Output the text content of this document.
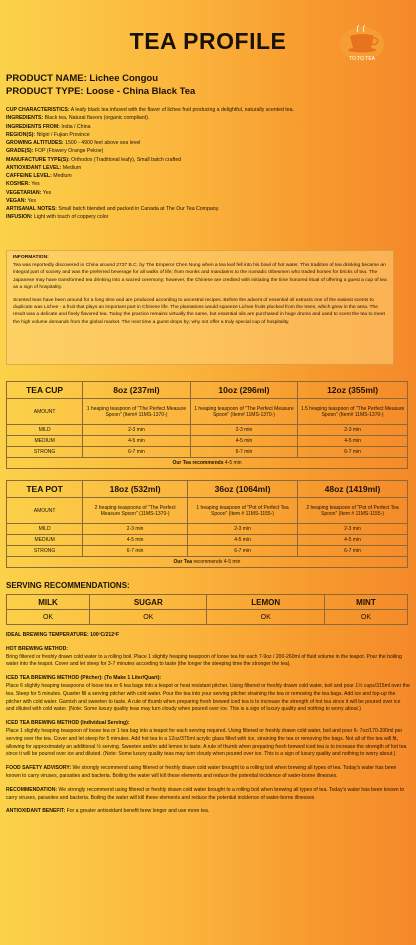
TEA PROFILE
TO TO TEA
PRODUCT NAME: Lichee Congou
PRODUCT TYPE: Loose - China Black Tea
CUP CHARACTERISTICS: A leafy black tea infused with the flavor of lichee fruit producing a delightful, naturally scented tea.
INGREDIENTS: Black tea, Natural flavors (organic compliant).
INGREDIENTS FROM: India / China
REGION(S): Nilgiri / Fujian Province
GROWING ALTITUDES: 1500 - 4900 feet above sea level
GRADE(S): FOP (Flowery Orange Pekoe)
MANUFACTURE TYPE(S): Orthodox (Traditional leafy), Small batch crafted
ANTIOXIDANT LEVEL: Medium
CAFFEINE LEVEL: Medium
KOSHER: Yes
VEGETARIAN: Yes
VEGAN: Yes
ARTISANAL NOTES: Small batch blended and packed in Canada at The Our Tea Company.
INFUSION: Light with touch of coppery color
INFORMATION:

Tea was reportedly discovered in China around 2737 B.C. by The Emperor Chen Nung when a tea leaf fell into his bowl of hot water. This tradition of tea drinking became an integral part of society and was the preferred beverage for all walks of life; from monks and mandarins to the nomadic tribesmen who traded horses for bricks of tea. The Japanese may have transformed tea drinking into a sacred ceremony; however, the Chinese are credited with initiating the time honored ritual of offering a guest a cup of tea as a sign of hospitality.

Scented teas have been around for a long time and are produced according to ancestral recipes. Before the advent of essential oil extracts one of the easiest scents to duplicate was Lichee - a fruit that plays an important part in Chinese life. The plantations would squeeze Lichee fruits plucked from the trees, which grew in the area. The result was a delicate and finely flavored tea. Today the practice remains virtually the same, but essential oils are purchased in huge drums and used to scent the tea to meet the high volume demands from the global market. The next time a guest drops by; why not offer a truly special cup of hospitality.

TEA CUP	8oz (237ml)	10oz (296ml)	12oz (355ml)
AMOUNT	1 heaping teaspoon of "The Perfect Measure Spoon" (Item# 11MS-1370-)	1 heaping teaspoon of "The Perfect Measure Spoon" (Item# 11MS-1370-)	1.5 heaping teaspoon of "The Perfect Measure Spoon" (Item# 11MS-1370-)
MILD	2-3 min	2-3 min	2-3 min
MEDIUM	4-5 min	4-5 min	4-5 min
STRONG	6-7 min	6-7 min	6-7 min
Our Tea recommends 4-5 min			
TEA POT	18oz (532ml)	36oz (1064ml)	48oz (1419ml)
AMOUNT	2 heaping teaspoons of "The Perfect Measure Spoon" (11MS-1370-)	1 heaping teaspoon of "Pot of Perfect Tea Spoon" (Item # 11MS-1155-)	2 heaping teaspoon of "Pot of Perfect Tea Spoon" (Item # 11MS-1155-)
MILD	2-3 min	2-3 min	2-3 min
MEDIUM	4-5 min	4-5 min	4-5 min
STRONG	6-7 min	6-7 min	6-7 min
Our Tea recommends 4-5 min			
SERVING RECOMMENDATIONS:
MILK	SUGAR	LEMON	MINT
OK	OK	OK	OK

IDEAL BREWING TEMPERATURE: 100ºC/212ºF

HOT BREWING METHOD:
Bring filtered or freshly drawn cold water to a rolling boil. Place 1 slightly heaping teaspoon of loose tea for each 7-9oz / 200-260ml of fluid volume in the teapot. Pour the boiling water into the teapot. Cover and let steep for 3-7 minutes according to taste (the longer the steeping time the stronger the tea).

ICED TEA BREWING METHOD (Pitcher): (To Make 1 Liter/Quart):
Place 6 slightly heaping teaspoons of loose tea or 6 tea bags into a teapot or heat resistant pitcher. Using filtered or freshly drawn cold water, boil and pour 1½ cups/315ml over the tea. Steep for 5 minutes. Quarter fill a serving pitcher with cold water. Pour the tea into your serving pitcher straining the tea or removing the tea bags. Add ice and top-up the pitcher with cold water. Garnish and sweeten to taste. A rule of thumb when preparing fresh brewed iced tea is to increase the strength of hot tea since it will be poured over ice and diluted with cold water. (Note: Some luxury quality teas may turn cloudy when poured over ice. This is a sign of luxury quality and nothing to worry about.)

ICED TEA BREWING METHOD (Individual Serving):
Place 1 slightly heaping teaspoon of loose tea or 1 tea bag into a teapot for each serving required. Using filtered or freshly drawn cold water, boil and pour 6- 7oz/170-200ml per serving over the tea. Cover and let steep for 5 minutes. Add hot tea to a 12oz/375ml acrylic glass filled with ice, straining the tea or removing the bags. Not all of the tea will fit, allowing for approximately an additional ½ serving. Sweeten and/or add lemon to taste. A rule of thumb when preparing fresh brewed iced tea is to increase the strength of hot tea since it will be poured over ice and diluted. (Note: Some luxury quality teas may turn cloudy when poured over ice. This is a sign of luxury quality and nothing to worry about.)

FOOD SAFETY ADVISORY: We strongly recommend using filtered or freshly drawn cold water brought to a rolling boil when brewing all types of tea. Today's water has been known to carry viruses, parasites and bacteria. Boiling the water will kill these elements and reduce the potential incidence of water-borne illnesses.

RECOMMENDATION: We strongly recommend using filtered or freshly drawn cold water brought to a rolling boil when brewing all types of tea. Today's water has been known to carry viruses, parasites and bacteria. Boiling the water will kill these elements and reduce the potential incidence of water-borne illnesses

ANTIOXIDANT BENEFIT: For a greater antioxidant benefit brew longer and use more tea.
